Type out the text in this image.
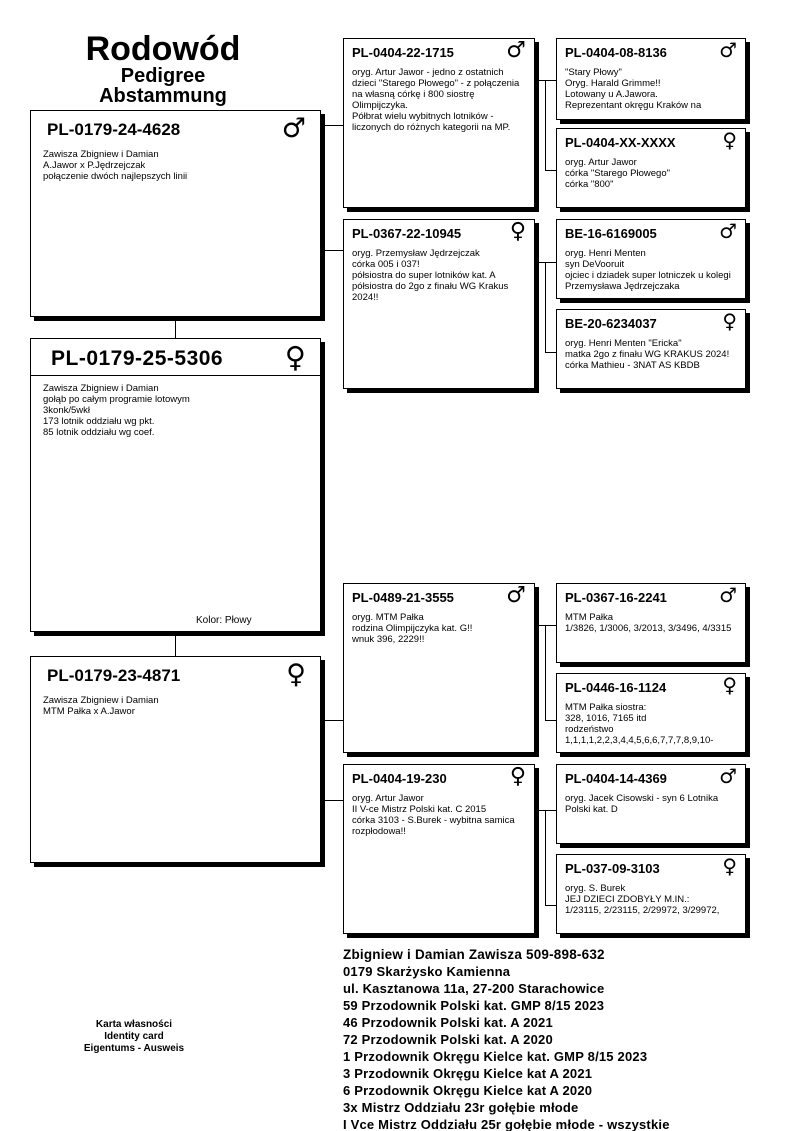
Rodowód
Pedigree
Abstammung
PL-0179-24-4628	♂
Zawisza Zbigniew i Damian
A.Jawor x P.Jędrzejczak
połączenie dwóch najlepszych linii
PL-0179-25-5306 ♀
Zawisza Zbigniew i Damian
gołąb po całym programie lotowym
3konk/5wkł
173 lotnik oddziału wg pkt.
85 lotnik oddziału wg coef.
Kolor: Płowy
PL-0179-23-4871	♀
Zawisza Zbigniew i Damian
MTM Pałka x A.Jawor
PL-0404-22-1715 ♂
oryg. Artur Jawor - jedno z ostatnich dzieci "Starego Płowego" - z połączenia na własną córkę i 800 siostrę Olimpijczyka.
Półbrat wielu wybitnych lotników - liczonych do różnych kategorii na MP.
PL-0367-22-10945 ♀
oryg. Przemysław Jędrzejczak
córka 005 i 037!
półsiostra do super lotników kat. A
półsiostra do 2go z finału WG Krakus 2024!!
PL-0489-21-3555 ♂
oryg. MTM Pałka
rodzina Olimpijczyka kat. G!!
wnuk 396, 2229!!
PL-0404-19-230	♀
oryg. Artur Jawor
II V-ce Mistrz Polski kat. C 2015
córka 3103 - S.Burek - wybitna samica rozpłodowa!!
PL-0404-08-8136	♂
"Stary Płowy"
Oryg. Harald Grimme!!
Lotowany u A.Jawora.
Reprezentant okręgu Kraków na
PL-0404-XX-XXXX ♀
oryg. Artur Jawor
córka "Starego Płowego"
córka "800"
BE-16-6169005	♂
oryg. Henri Menten
syn DeVooruit
ojciec i dziadek super lotniczek u kolegi Przemysława Jędrzejczaka
BE-20-6234037	♀
oryg. Henri Menten "Ericka"
matka 2go z finału WG KRAKUS 2024!
córka Mathieu - 3NAT AS KBDB
PL-0367-16-2241	♂
MTM Pałka
1/3826, 1/3006, 3/2013, 3/3496, 4/3315
PL-0446-16-1124	♀
MTM Pałka siostra:
328, 1016, 7165 itd
rodzeństwo
1,1,1,1,2,2,3,4,4,5,6,6,7,7,7,8,9,10-
PL-0404-14-4369	♂
oryg. Jacek Cisowski - syn 6 Lotnika Polski kat. D
PL-037-09-3103	♀
oryg. S. Burek
JEJ DZIECI ZDOBYŁY M.IN.:
1/23115, 2/23115, 2/29972, 3/29972,
Karta własności
Identity card
Eigentums - Ausweis
Zbigniew i Damian Zawisza 509-898-632
0179 Skarżysko Kamienna
ul. Kasztanowa 11a, 27-200 Starachowice
59 Przodownik Polski kat. GMP 8/15 2023
46 Przodownik Polski kat. A 2021
72 Przodownik Polski kat. A 2020
1 Przodownik Okręgu Kielce kat. GMP 8/15 2023
3 Przodownik Okręgu Kielce kat A 2021
6 Przodownik Okręgu Kielce kat A 2020
3x Mistrz Oddziału 23r gołębie młode
I Vce Mistrz Oddziału 25r gołębie młode - wszystkie
